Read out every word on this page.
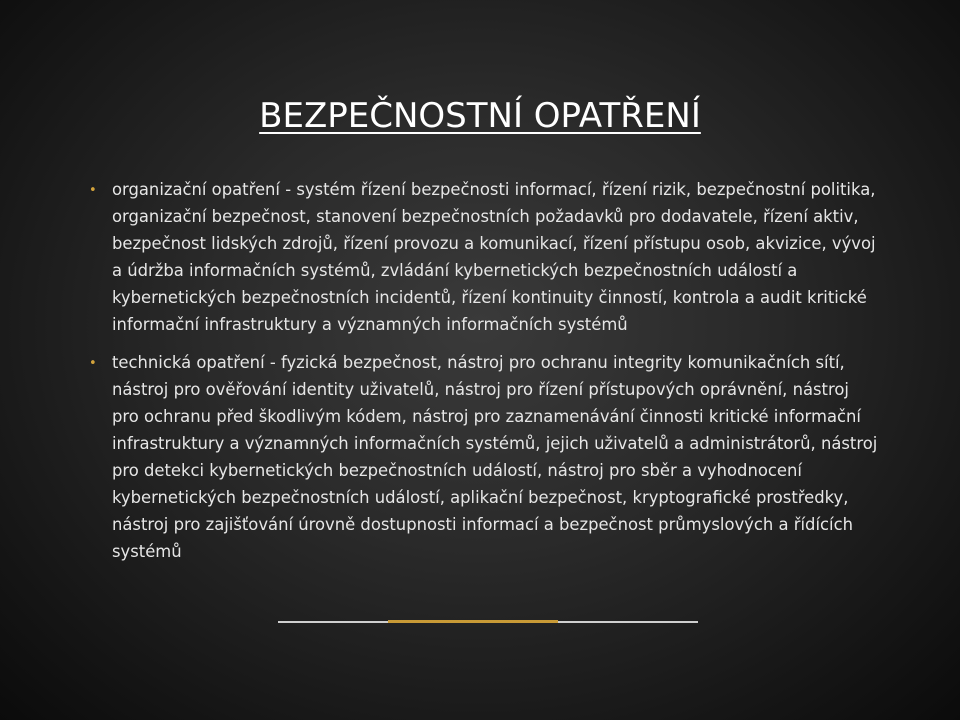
BEZPEČNOSTNÍ OPATŘENÍ
• organizační opatření - systém řízení bezpečnosti informací, řízení rizik, bezpečnostní politika, organizační bezpečnost, stanovení bezpečnostních požadavků pro dodavatele, řízení aktiv, bezpečnost lidských zdrojů, řízení provozu a komunikací, řízení přístupu osob, akvizice, vývoj a údržba informačních systémů, zvládání kybernetických bezpečnostních událostí a kybernetických bezpečnostních incidentů, řízení kontinuity činností, kontrola a audit kritické informační infrastruktury a významných informačních systémů
• technická opatření - fyzická bezpečnost, nástroj pro ochranu integrity komunikačních sítí, nástroj pro ověřování identity uživatelů, nástroj pro řízení přístupových oprávnění, nástroj pro ochranu před škodlivým kódem, nástroj pro zaznamenávání činnosti kritické informační infrastruktury a významných informačních systémů, jejich uživatelů a administrátorů, nástroj pro detekci kybernetických bezpečnostních událostí, nástroj pro sběr a vyhodnocení kybernetických bezpečnostních událostí, aplikační bezpečnost, kryptografické prostředky, nástroj pro zajišťování úrovně dostupnosti informací a bezpečnost průmyslových a řídících systémů
